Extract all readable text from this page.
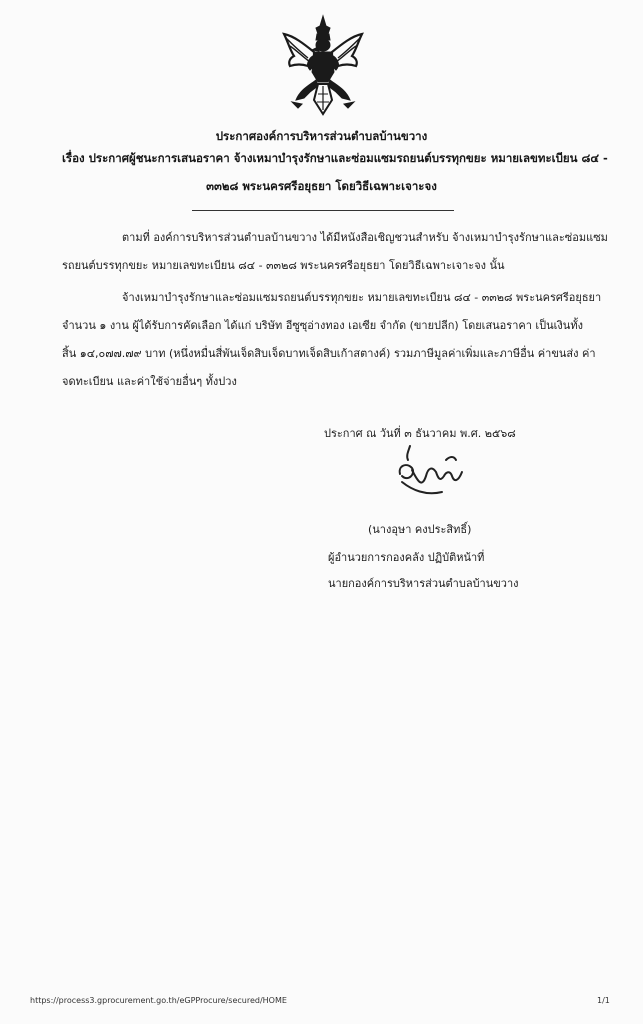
ประกาศองค์การบริหารส่วนตำบลบ้านขวาง
เรื่อง ประกาศผู้ชนะการเสนอราคา จ้างเหมาบำรุงรักษาและซ่อมแซมรถยนต์บรรทุกขยะ หมายเลขทะเบียน ๘๔ -
๓๓๒๘ พระนครศรีอยุธยา โดยวิธีเฉพาะเจาะจง
ตามที่ องค์การบริหารส่วนตำบลบ้านขวาง ได้มีหนังสือเชิญชวนสำหรับ จ้างเหมาบำรุงรักษาและซ่อมแซม
รถยนต์บรรทุกขยะ หมายเลขทะเบียน ๘๔ - ๓๓๒๘ พระนครศรีอยุธยา โดยวิธีเฉพาะเจาะจง นั้น
จ้างเหมาบำรุงรักษาและซ่อมแซมรถยนต์บรรทุกขยะ หมายเลขทะเบียน ๘๔ - ๓๓๒๘ พระนครศรีอยุธยา
จำนวน ๑ งาน ผู้ได้รับการคัดเลือก ได้แก่ บริษัท อีซูซุอ่างทอง เอเซีย จำกัด (ขายปลีก) โดยเสนอราคา เป็นเงินทั้ง
สิ้น ๑๔,๐๗๗.๗๙ บาท (หนึ่งหมื่นสี่พันเจ็ดสิบเจ็ดบาทเจ็ดสิบเก้าสตางค์) รวมภาษีมูลค่าเพิ่มและภาษีอื่น ค่าขนส่ง ค่า
จดทะเบียน และค่าใช้จ่ายอื่นๆ ทั้งปวง
ประกาศ ณ วันที่ ๓ ธันวาคม พ.ศ. ๒๕๖๘
(นางอุษา คงประสิทธิ์)
ผู้อำนวยการกองคลัง ปฏิบัติหน้าที่
นายกองค์การบริหารส่วนตำบลบ้านขวาง
https://process3.gprocurement.go.th/eGPProcure/secured/HOME	1/1
